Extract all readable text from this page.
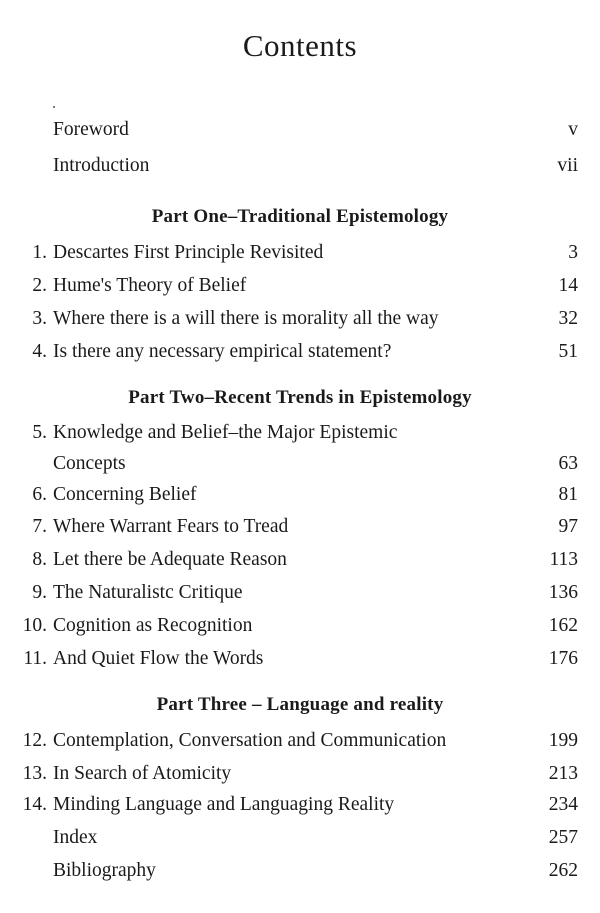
Contents
Foreword	v
Introduction	vii
Part One–Traditional Epistemology
1. Descartes First Principle Revisited	3
2. Hume's Theory of Belief	14
3. Where there is a will there is morality all the way	32
4. Is there any necessary empirical statement?	51
Part Two–Recent Trends in Epistemology
5. Knowledge and Belief–the Major Epistemic
Concepts	63
6. Concerning Belief	81
7. Where Warrant Fears to Tread	97
8. Let there be Adequate Reason	113
9. The Naturalistc Critique	136
10. Cognition as Recognition	162
11. And Quiet Flow the Words	176
Part Three – Language and reality
12. Contemplation, Conversation and Communication	199
13. In Search of Atomicity	213
14. Minding Language and Languaging Reality	234
Index	257
Bibliography	262
